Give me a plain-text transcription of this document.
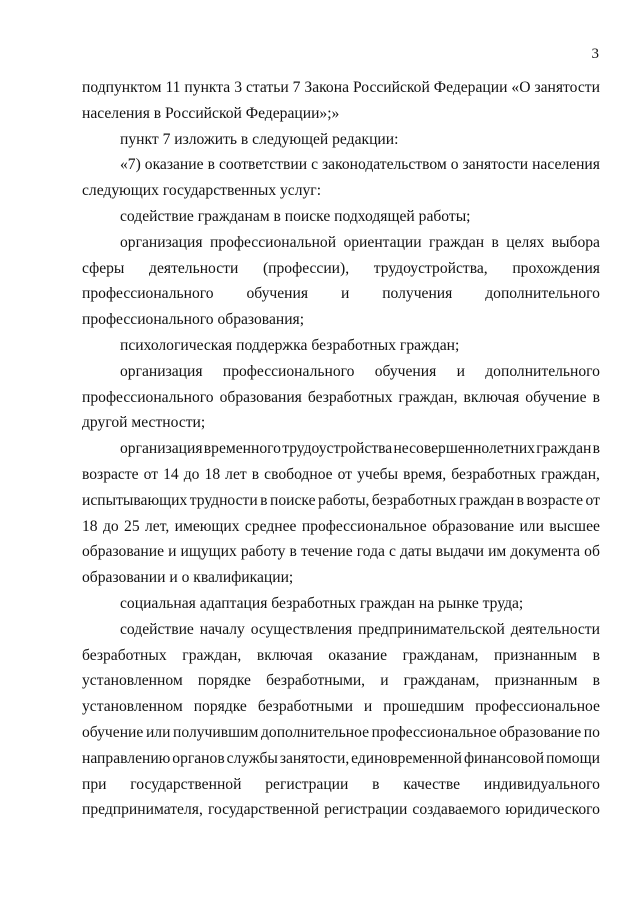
3
подпунктом 11 пункта 3 статьи 7 Закона Российской Федерации «О занятости
населения в Российской Федерации»;»
пункт 7 изложить в следующей редакции:
«7) оказание в соответствии с законодательством о занятости населения
следующих государственных услуг:
содействие гражданам в поиске подходящей работы;
организация профессиональной ориентации граждан в целях выбора
сферы деятельности (профессии), трудоустройства, прохождения
профессионального обучения и получения дополнительного
профессионального образования;
психологическая поддержка безработных граждан;
организация профессионального обучения и дополнительного
профессионального образования безработных граждан, включая обучение в
другой местности;
организация временного трудоустройства несовершеннолетних граждан в
возрасте от 14 до 18 лет в свободное от учебы время, безработных граждан,
испытывающих трудности в поиске работы, безработных граждан в возрасте от
18 до 25 лет, имеющих среднее профессиональное образование или высшее
образование и ищущих работу в течение года с даты выдачи им документа об
образовании и о квалификации;
социальная адаптация безработных граждан на рынке труда;
содействие началу осуществления предпринимательской деятельности
безработных граждан, включая оказание гражданам, признанным в
установленном порядке безработными, и гражданам, признанным в
установленном порядке безработными и прошедшим профессиональное
обучение или получившим дополнительное профессиональное образование по
направлению органов службы занятости, единовременной финансовой помощи
при государственной регистрации в качестве индивидуального
предпринимателя, государственной регистрации создаваемого юридического
